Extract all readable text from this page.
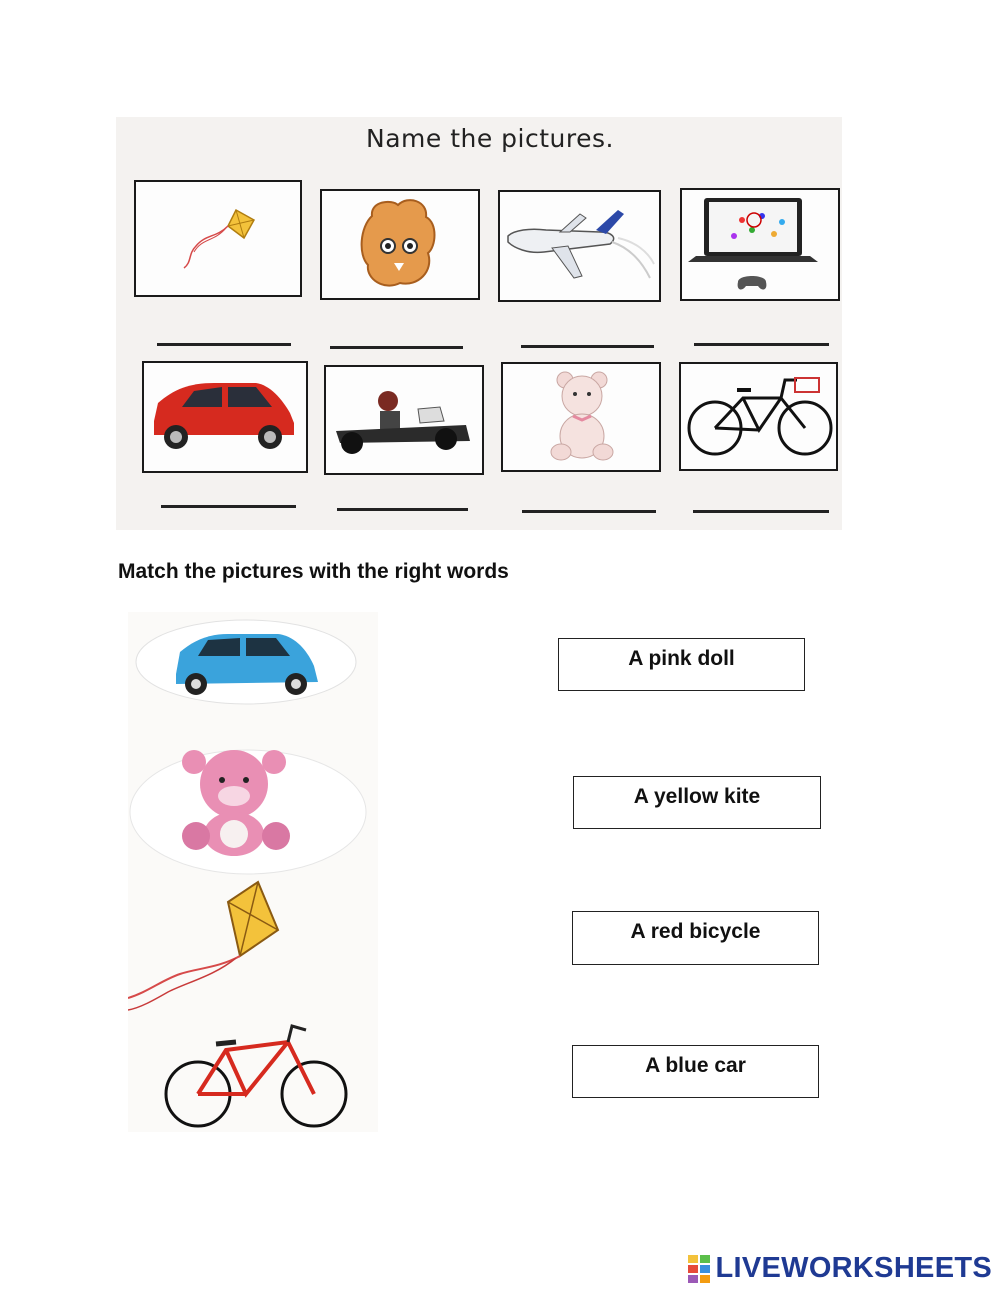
Name the pictures.
Match the pictures with the right words
A pink doll
A yellow kite
A red bicycle
A blue car
LIVEWORKSHEETS
